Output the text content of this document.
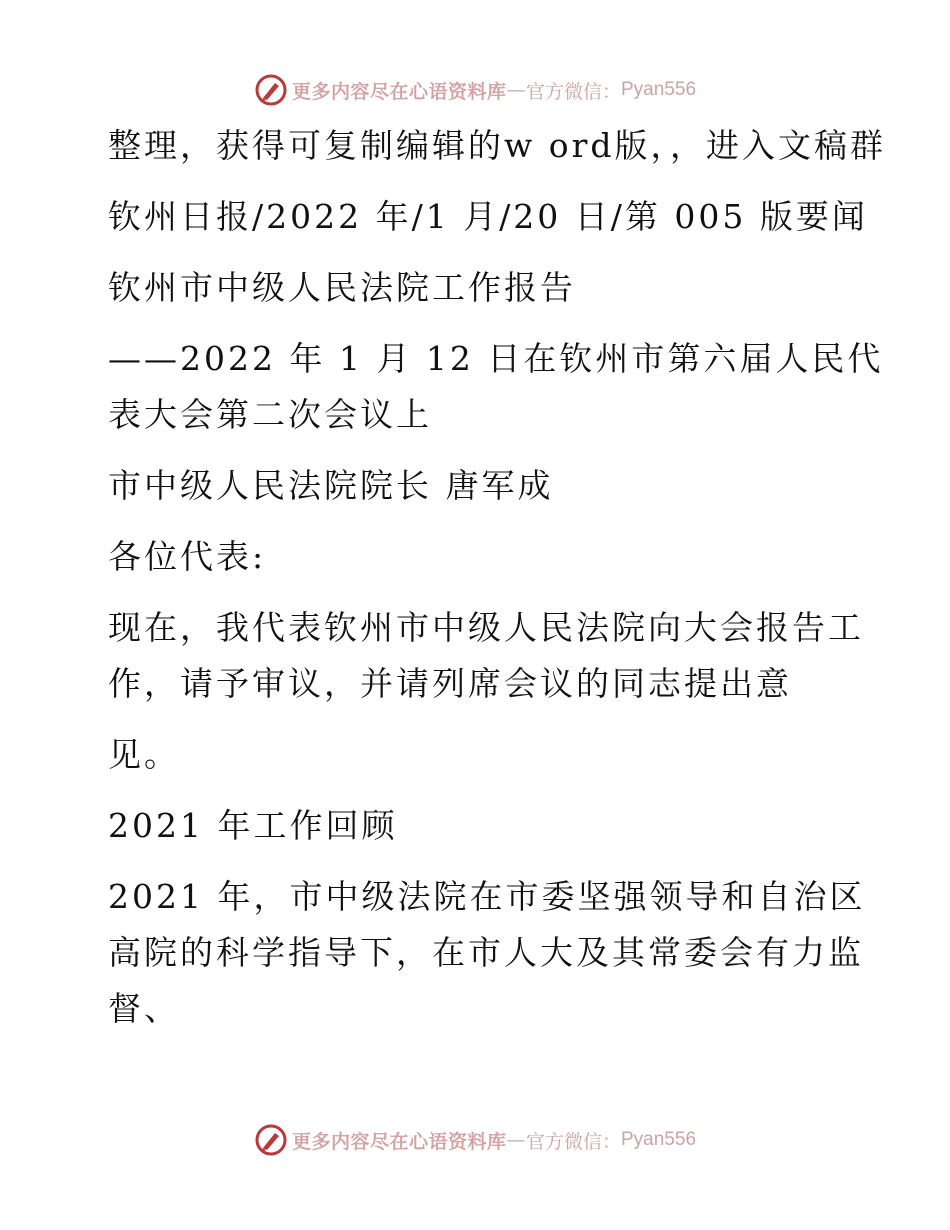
更多内容尽在心语资料库 — 官方微信： Pyan556

整理，获得可复制编辑的w ord版，，进入文稿群

钦州日报/2022 年/1 月/20 日/第 005 版要闻

钦州市中级人民法院工作报告

——2022 年 1 月 12 日在钦州市第六届人民代表大会第二次会议上

市中级人民法院院长 唐军成

各位代表:

现在，我代表钦州市中级人民法院向大会报告工作，请予审议，并请列席会议的同志提出意

见。

2021 年工作回顾

2021 年，市中级法院在市委坚强领导和自治区高院的科学指导下，在市人大及其常委会有力监督、

更多内容尽在心语资料库 — 官方微信： Pyan556
